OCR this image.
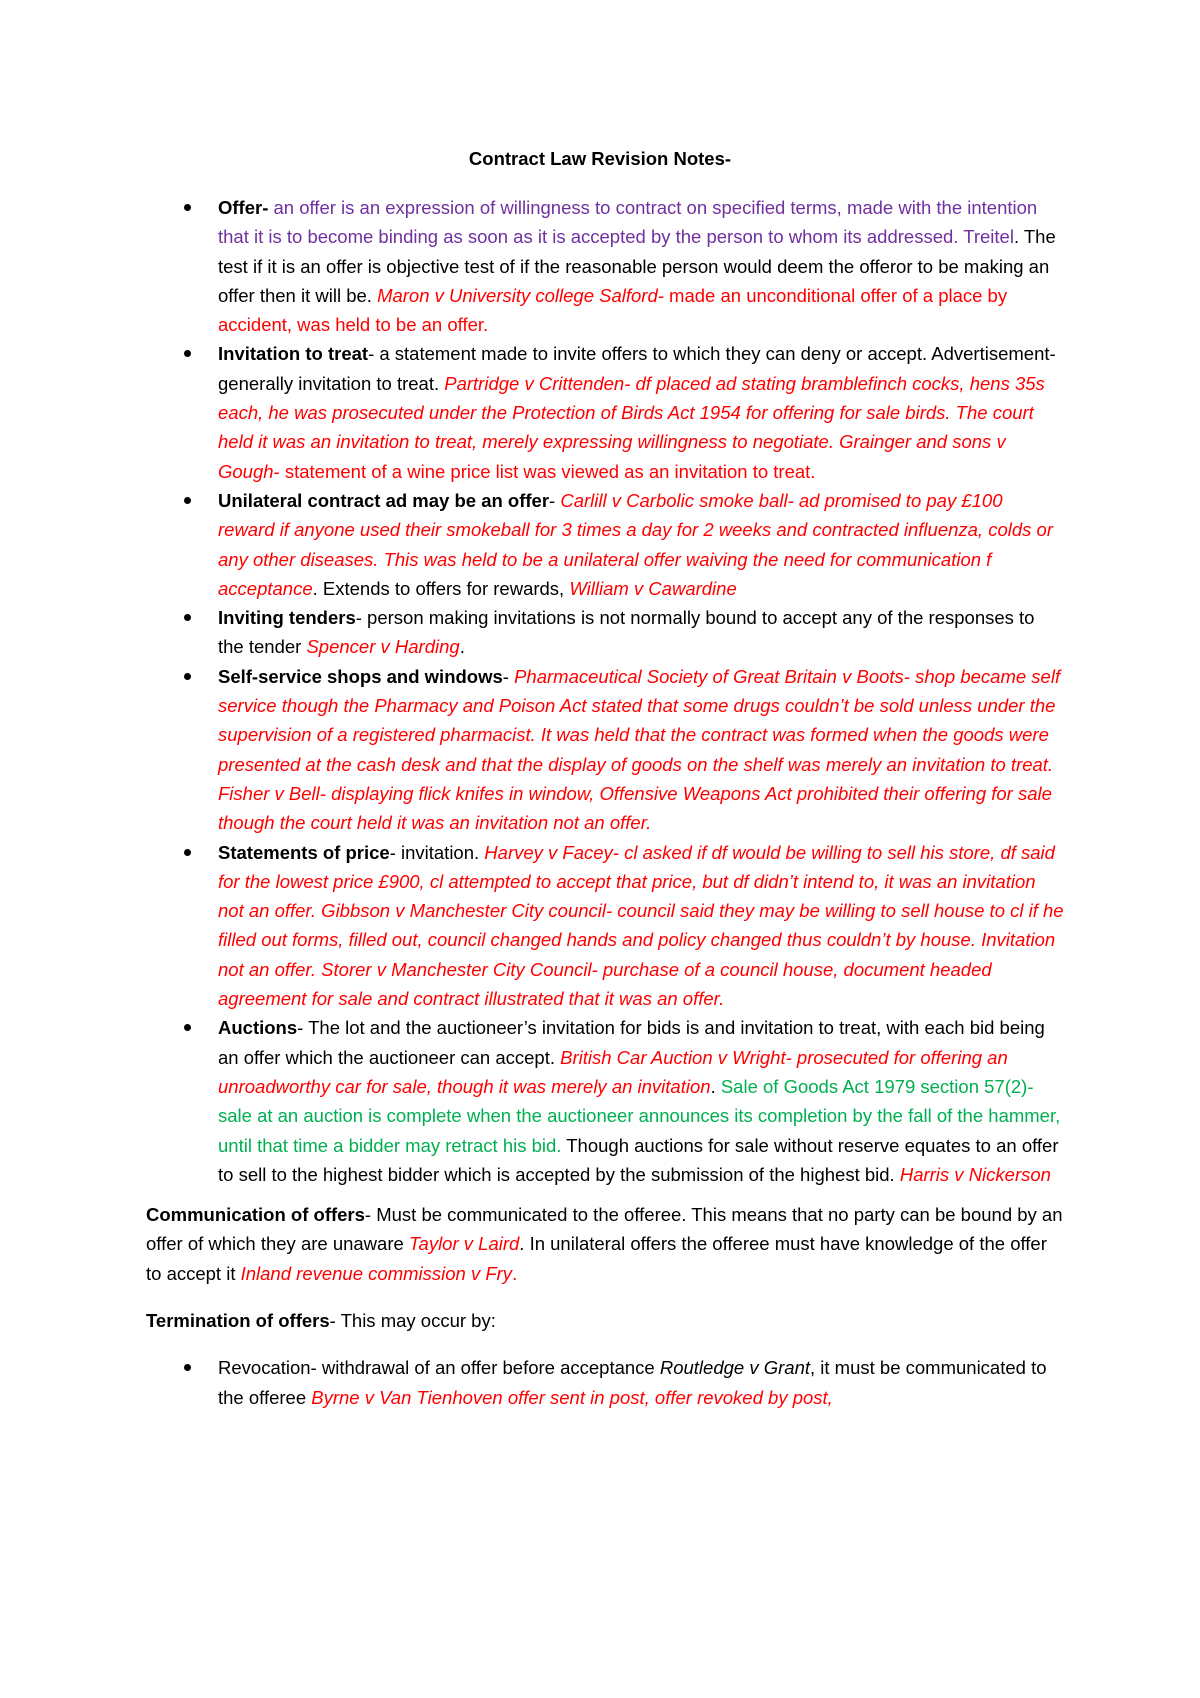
Contract Law Revision Notes-
Offer- an offer is an expression of willingness to contract on specified terms, made with the intention that it is to become binding as soon as it is accepted by the person to whom its addressed. Treitel. The test if it is an offer is objective test of if the reasonable person would deem the offeror to be making an offer then it will be. Maron v University college Salford- made an unconditional offer of a place by accident, was held to be an offer.
Invitation to treat- a statement made to invite offers to which they can deny or accept. Advertisement- generally invitation to treat. Partridge v Crittenden- df placed ad stating bramblefinch cocks, hens 35s each, he was prosecuted under the Protection of Birds Act 1954 for offering for sale birds. The court held it was an invitation to treat, merely expressing willingness to negotiate. Grainger and sons v Gough- statement of a wine price list was viewed as an invitation to treat.
Unilateral contract ad may be an offer- Carlill v Carbolic smoke ball- ad promised to pay £100 reward if anyone used their smokeball for 3 times a day for 2 weeks and contracted influenza, colds or any other diseases. This was held to be a unilateral offer waiving the need for communication f acceptance. Extends to offers for rewards, William v Cawardine
Inviting tenders- person making invitations is not normally bound to accept any of the responses to the tender Spencer v Harding.
Self-service shops and windows- Pharmaceutical Society of Great Britain v Boots- shop became self service though the Pharmacy and Poison Act stated that some drugs couldn’t be sold unless under the supervision of a registered pharmacist. It was held that the contract was formed when the goods were presented at the cash desk and that the display of goods on the shelf was merely an invitation to treat. Fisher v Bell- displaying flick knifes in window, Offensive Weapons Act prohibited their offering for sale though the court held it was an invitation not an offer.
Statements of price- invitation. Harvey v Facey- cl asked if df would be willing to sell his store, df said for the lowest price £900, cl attempted to accept that price, but df didn’t intend to, it was an invitation not an offer. Gibbson v Manchester City council- council said they may be willing to sell house to cl if he filled out forms, filled out, council changed hands and policy changed thus couldn’t by house. Invitation not an offer. Storer v Manchester City Council- purchase of a council house, document headed agreement for sale and contract illustrated that it was an offer.
Auctions- The lot and the auctioneer’s invitation for bids is and invitation to treat, with each bid being an offer which the auctioneer can accept. British Car Auction v Wright- prosecuted for offering an unroadworthy car for sale, though it was merely an invitation. Sale of Goods Act 1979 section 57(2)- sale at an auction is complete when the auctioneer announces its completion by the fall of the hammer, until that time a bidder may retract his bid. Though auctions for sale without reserve equates to an offer to sell to the highest bidder which is accepted by the submission of the highest bid. Harris v Nickerson

Communication of offers- Must be communicated to the offeree. This means that no party can be bound by an offer of which they are unaware Taylor v Laird. In unilateral offers the offeree must have knowledge of the offer to accept it Inland revenue commission v Fry.

Termination of offers- This may occur by:

Revocation- withdrawal of an offer before acceptance Routledge v Grant, it must be communicated to the offeree Byrne v Van Tienhoven offer sent in post, offer revoked by post,
